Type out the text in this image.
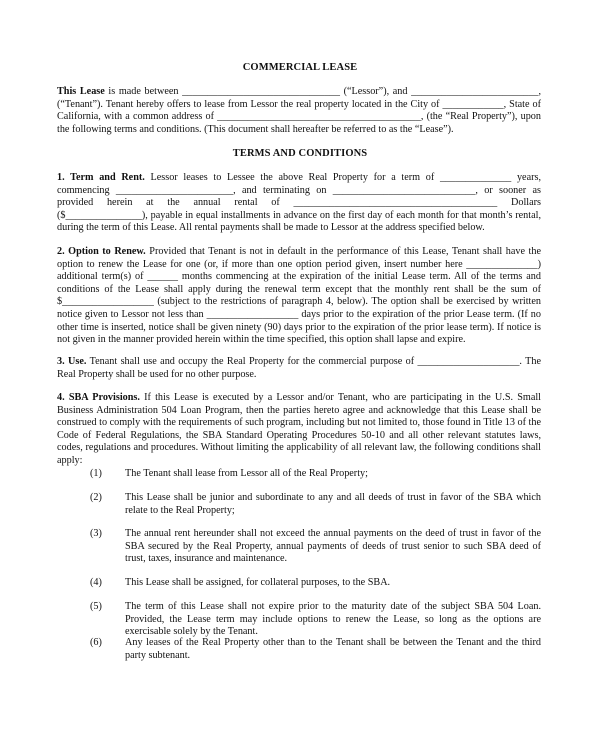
COMMERCIAL LEASE
This Lease is made between _______________________________ (“Lessor”), and _________________________, (“Tenant”). Tenant hereby offers to lease from Lessor the real property located in the City of ____________, State of California, with a common address of ________________________________________, (the “Real Property”), upon the following terms and conditions. (This document shall hereafter be referred to as the “Lease”).
TERMS AND CONDITIONS
1. Term and Rent. Lessor leases to Lessee the above Real Property for a term of ______________ years, commencing _______________________, and terminating on ____________________________, or sooner as provided herein at the annual rental of ________________________________________ Dollars ($_______________), payable in equal installments in advance on the first day of each month for that month’s rental, during the term of this Lease. All rental payments shall be made to Lessor at the address specified below.
2. Option to Renew. Provided that Tenant is not in default in the performance of this Lease, Tenant shall have the option to renew the Lease for one (or, if more than one option period given, insert number here ______________) additional term(s) of ______ months commencing at the expiration of the initial Lease term. All of the terms and conditions of the Lease shall apply during the renewal term except that the monthly rent shall be the sum of $__________________ (subject to the restrictions of paragraph 4, below). The option shall be exercised by written notice given to Lessor not less than __________________ days prior to the expiration of the prior Lease term. (If no other time is inserted, notice shall be given ninety (90) days prior to the expiration of the prior lease term). If notice is not given in the manner provided herein within the time specified, this option shall lapse and expire.
3. Use. Tenant shall use and occupy the Real Property for the commercial purpose of ____________________. The Real Property shall be used for no other purpose.
4. SBA Provisions. If this Lease is executed by a Lessor and/or Tenant, who are participating in the U.S. Small Business Administration 504 Loan Program, then the parties hereto agree and acknowledge that this Lease shall be construed to comply with the requirements of such program, including but not limited to, those found in Title 13 of the Code of Federal Regulations, the SBA Standard Operating Procedures 50-10 and all other relevant statutes laws, codes, regulations and procedures. Without limiting the applicability of all relevant law, the following conditions shall apply:
(1)	The Tenant shall lease from Lessor all of the Real Property;
(2)	This Lease shall be junior and subordinate to any and all deeds of trust in favor of the SBA which relate to the Real Property;
(3)	The annual rent hereunder shall not exceed the annual payments on the deed of trust in favor of the SBA secured by the Real Property, annual payments of deeds of trust senior to such SBA deed of trust, taxes, insurance and maintenance.
(4)	This Lease shall be assigned, for collateral purposes, to the SBA.
(5)	The term of this Lease shall not expire prior to the maturity date of the subject SBA 504 Loan. Provided, the Lease term may include options to renew the Lease, so long as the options are exercisable solely by the Tenant.
(6)	Any leases of the Real Property other than to the Tenant shall be between the Tenant and the third party subtenant.
